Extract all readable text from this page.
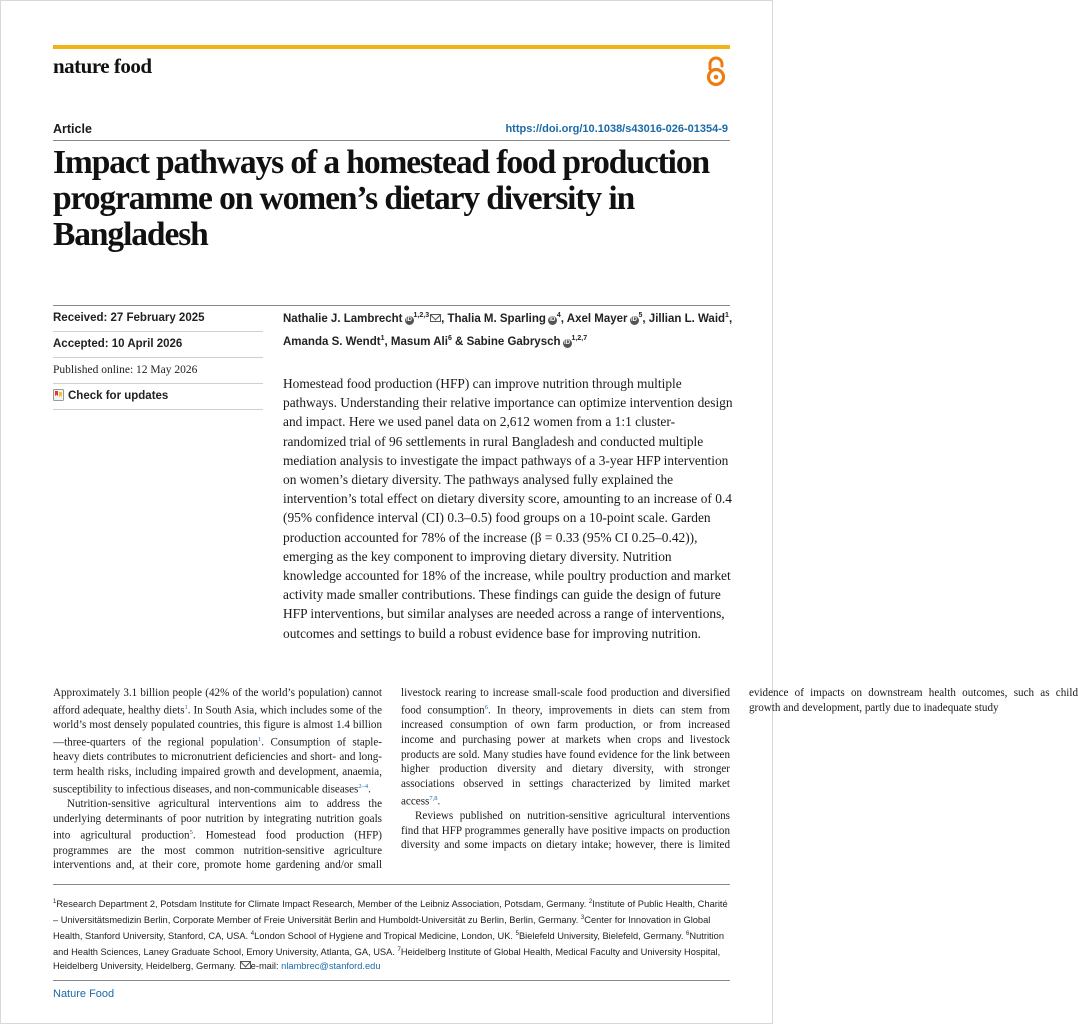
nature food
Article	https://doi.org/10.1038/s43016-026-01354-9
Impact pathways of a homestead food production programme on women’s dietary diversity in Bangladesh
Received: 27 February 2025
Accepted: 10 April 2026
Published online: 12 May 2026
Check for updates
Nathalie J. Lambrecht iD$^{1,2,3}$ , Thalia M. Sparling $iD^4$, Axel Mayer $iD^5$, Jillian L. Waid$^1$, Amanda S. Wendt$^1$, Masum Ali$^6$ & Sabine Gabrysch iD$^{1,2,7}$

Homestead food production (HFP) can improve nutrition through multiple pathways. Understanding their relative importance can optimize intervention design and impact. Here we used panel data on 2,612 women from a 1:1 cluster-randomized trial of 96 settlements in rural Bangladesh and conducted multiple mediation analysis to investigate the impact pathways of a 3-year HFP intervention on women’s dietary diversity. The pathways analysed fully explained the intervention’s total effect on dietary diversity score, amounting to an increase of 0.4 (95% confidence interval (CI) 0.3–0.5) food groups on a 10-point scale. Garden production accounted for 78% of the increase (β = 0.33 (95% CI 0.25–0.42)), emerging as the key component to improving dietary diversity. Nutrition knowledge accounted for 18% of the increase, while poultry production and market activity made smaller contributions. These findings can guide the design of future HFP interventions, but similar analyses are needed across a range of interventions, outcomes and settings to build a robust evidence base for improving nutrition.

Approximately 3.1 billion people (42% of the world’s population) cannot afford adequate, healthy diets$^1$. In South Asia, which includes some of the world’s most densely populated countries, this figure is almost 1.4 billion—three-quarters of the regional population$^1$. Consumption of staple-heavy diets contributes to micronutrient deficiencies and short- and long-term health risks, including impaired growth and development, anaemia, susceptibility to infectious diseases, and non-communicable diseases$^{2-4}$.

Nutrition-sensitive agricultural interventions aim to address the underlying determinants of poor nutrition by integrating nutrition goals into agricultural production$^5$. Homestead food production (HFP) programmes are the most common nutrition-sensitive agriculture interventions and, at their core, promote home gardening and/or small livestock rearing to increase small-scale food production and diversified food consumption$^6$. In theory, improvements in diets can stem from increased consumption of own farm production, or from increased income and purchasing power at markets when crops and livestock products are sold. Many studies have found evidence for the link between higher production diversity and dietary diversity, with stronger associations observed in settings characterized by limited market access$^{7,8}$.

Reviews published on nutrition-sensitive agricultural interventions find that HFP programmes generally have positive impacts on production diversity and some impacts on dietary intake; however, there is limited evidence of impacts on downstream health outcomes, such as child growth and development, partly due to inadequate study

$^1$Research Department 2, Potsdam Institute for Climate Impact Research, Member of the Leibniz Association, Potsdam, Germany. $^2$Institute of Public Health, Charité – Universitätsmedizin Berlin, Corporate Member of Freie Universität Berlin and Humboldt-Universität zu Berlin, Berlin, Germany. $^3$Center for Innovation in Global Health, Stanford University, Stanford, CA, USA. $^4$London School of Hygiene and Tropical Medicine, London, UK. $^5$Bielefeld University, Bielefeld, Germany. $^6$Nutrition and Health Sciences, Laney Graduate School, Emory University, Atlanta, GA, USA. $^7$Heidelberg Institute of Global Health, Medical Faculty and University Hospital, Heidelberg University, Heidelberg, Germany. e-mail: nlambrec@stanford.edu

Nature Food
